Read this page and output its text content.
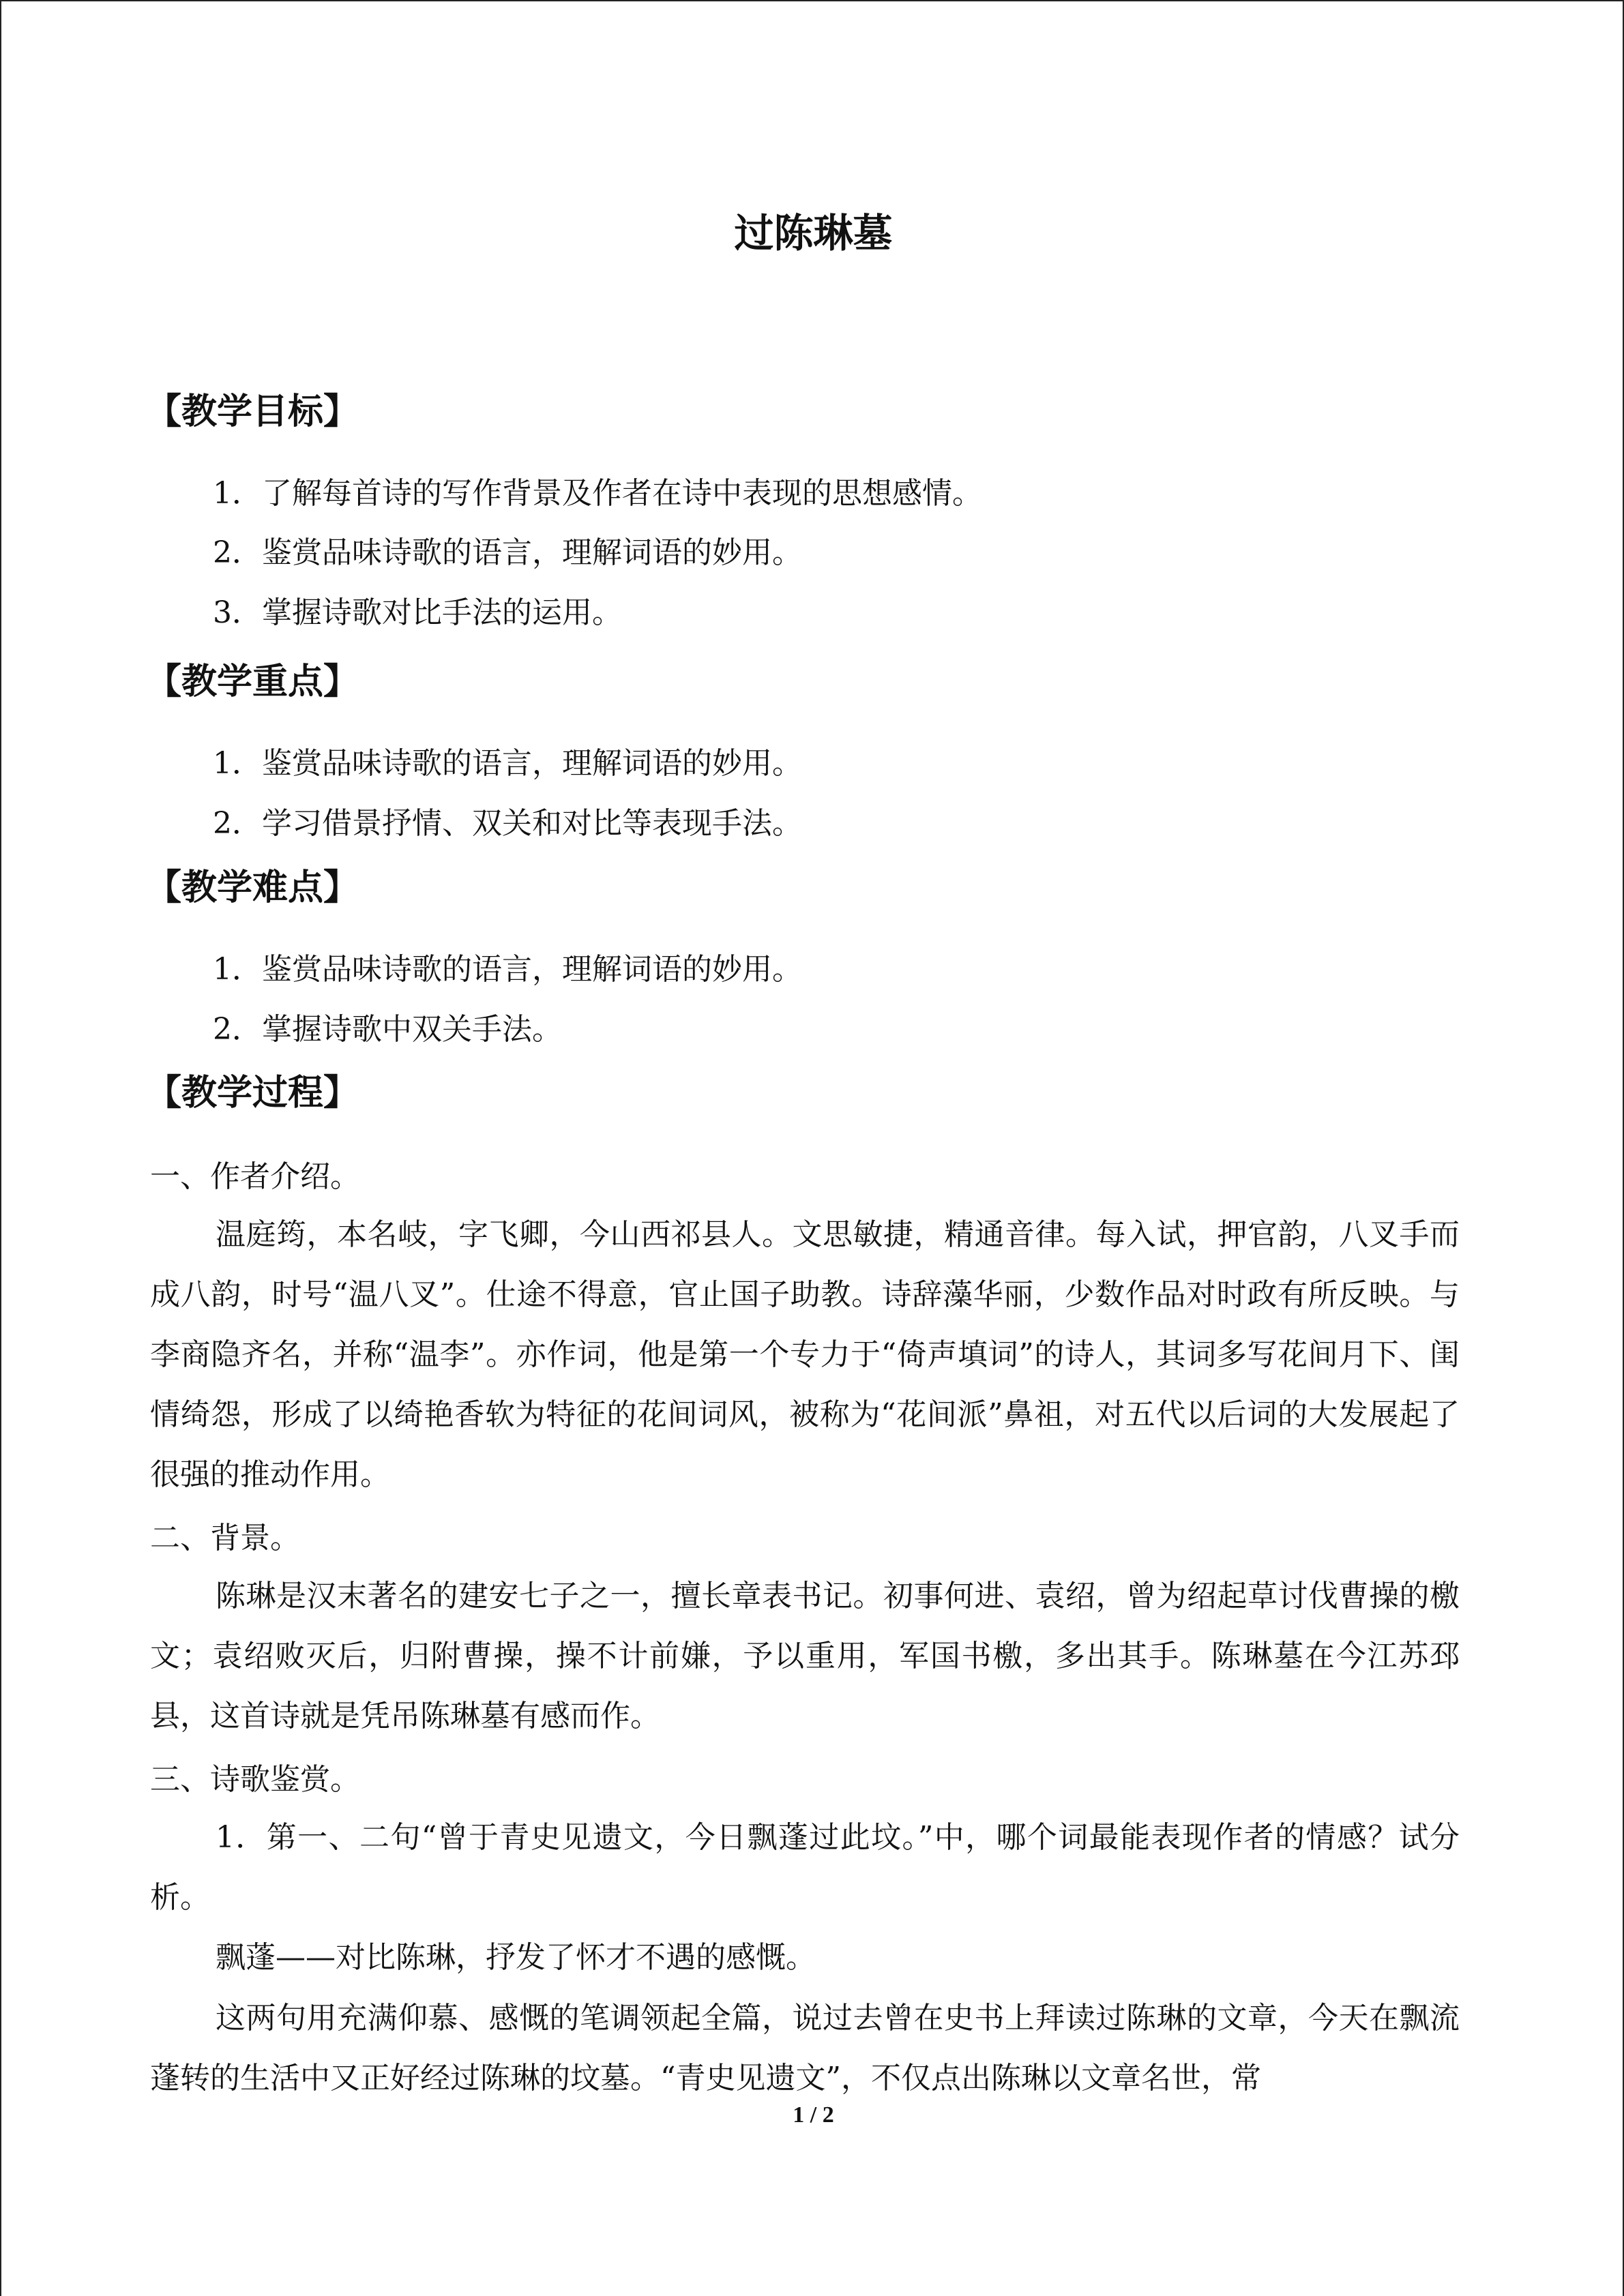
过陈琳墓
【教学目标】
1．了解每首诗的写作背景及作者在诗中表现的思想感情。
2．鉴赏品味诗歌的语言，理解词语的妙用。
3．掌握诗歌对比手法的运用。
【教学重点】
1．鉴赏品味诗歌的语言，理解词语的妙用。
2．学习借景抒情、双关和对比等表现手法。
【教学难点】
1．鉴赏品味诗歌的语言，理解词语的妙用。
2．掌握诗歌中双关手法。
【教学过程】
一、作者介绍。
温庭筠，本名岐，字飞卿，今山西祁县人。文思敏捷，精通音律。每入试，押官韵，八叉手而成八韵，时号“温八叉”。仕途不得意，官止国子助教。诗辞藻华丽，少数作品对时政有所反映。与李商隐齐名，并称“温李”。亦作词，他是第一个专力于“倚声填词”的诗人，其词多写花间月下、闺情绮怨，形成了以绮艳香软为特征的花间词风，被称为“花间派”鼻祖，对五代以后词的大发展起了很强的推动作用。
二、背景。
陈琳是汉末著名的建安七子之一，擅长章表书记。初事何进、袁绍，曾为绍起草讨伐曹操的檄文；袁绍败灭后，归附曹操，操不计前嫌，予以重用，军国书檄，多出其手。陈琳墓在今江苏邳县，这首诗就是凭吊陈琳墓有感而作。
三、诗歌鉴赏。
1．第一、二句“曾于青史见遗文，今日飘蓬过此坟。”中，哪个词最能表现作者的情感？试分析。
飘蓬——对比陈琳，抒发了怀才不遇的感慨。
这两句用充满仰慕、感慨的笔调领起全篇，说过去曾在史书上拜读过陈琳的文章，今天在飘流蓬转的生活中又正好经过陈琳的坟墓。“青史见遗文”，不仅点出陈琳以文章名世，常
1 / 2
